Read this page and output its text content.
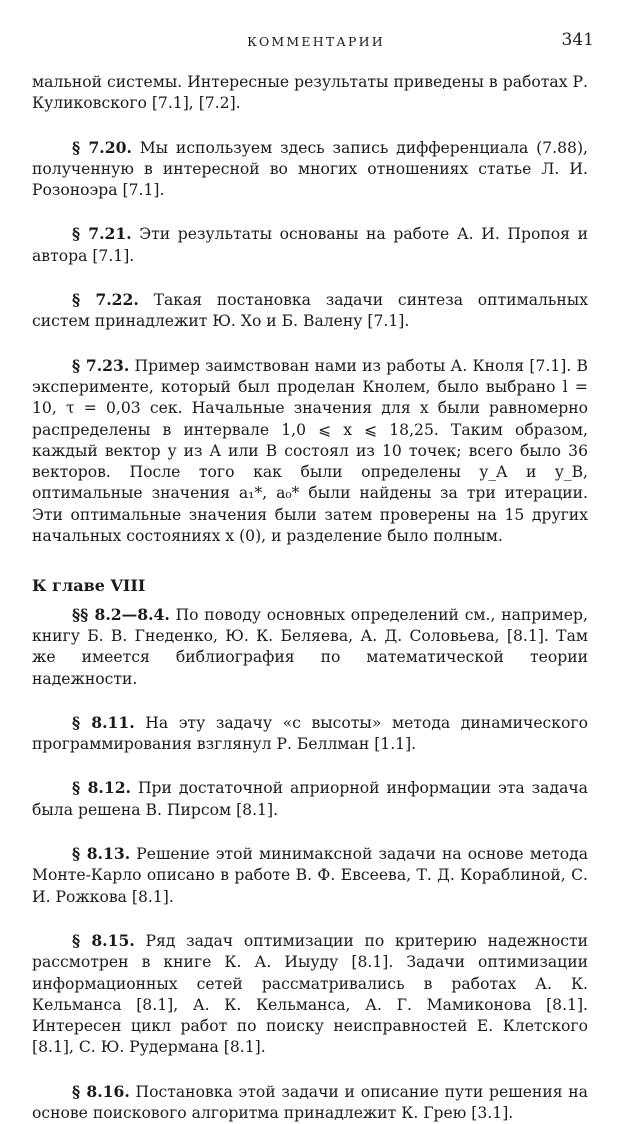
КОММЕНТАРИИ	341

мальной системы. Интересные результаты приведены в работах Р. Куликовского [7.1], [7.2].

§ 7.20. Мы используем здесь запись дифференциала (7.88), полученную в интересной во многих отношениях статье Л. И. Розоноэра [7.1].

§ 7.21. Эти результаты основаны на работе А. И. Пропоя и автора [7.1].

§ 7.22. Такая постановка задачи синтеза оптимальных систем принадлежит Ю. Хо и Б. Валену [7.1].

§ 7.23. Пример заимствован нами из работы А. Кноля [7.1]. В эксперименте, который был проделан Кнолем, было выбрано l = 10, τ = 0,03 сек. Начальные значения для x были равномерно распределены в интервале 1,0 ⩽ x ⩽ 18,25. Таким образом, каждый вектор y из A или B состоял из 10 точек; всего было 36 векторов. После того как были определены y_A и y_B, оптимальные значения a₁*, a₀* были найдены за три итерации. Эти оптимальные значения были затем проверены на 15 других начальных состояниях x (0), и разделение было полным.

К главе VIII

§§ 8.2—8.4. По поводу основных определений см., например, книгу Б. В. Гнеденко, Ю. К. Беляева, А. Д. Соловьева, [8.1]. Там же имеется библиография по математической теории надежности.

§ 8.11. На эту задачу «с высоты» метода динамического программирования взглянул Р. Беллман [1.1].

§ 8.12. При достаточной априорной информации эта задача была решена В. Пирсом [8.1].

§ 8.13. Решение этой минимаксной задачи на основе метода Монте-Карло описано в работе В. Ф. Евсеева, Т. Д. Кораблиной, С. И. Рожкова [8.1].

§ 8.15. Ряд задач оптимизации по критерию надежности рассмотрен в книге К. А. Иыуду [8.1]. Задачи оптимизации информационных сетей рассматривались в работах А. К. Кельманса [8.1], А. К. Кельманса, А. Г. Мамиконова [8.1]. Интересен цикл работ по поиску неисправностей Е. Клетского [8.1], С. Ю. Рудермана [8.1].

§ 8.16. Постановка этой задачи и описание пути решения на основе поискового алгоритма принадлежит К. Грею [3.1].
